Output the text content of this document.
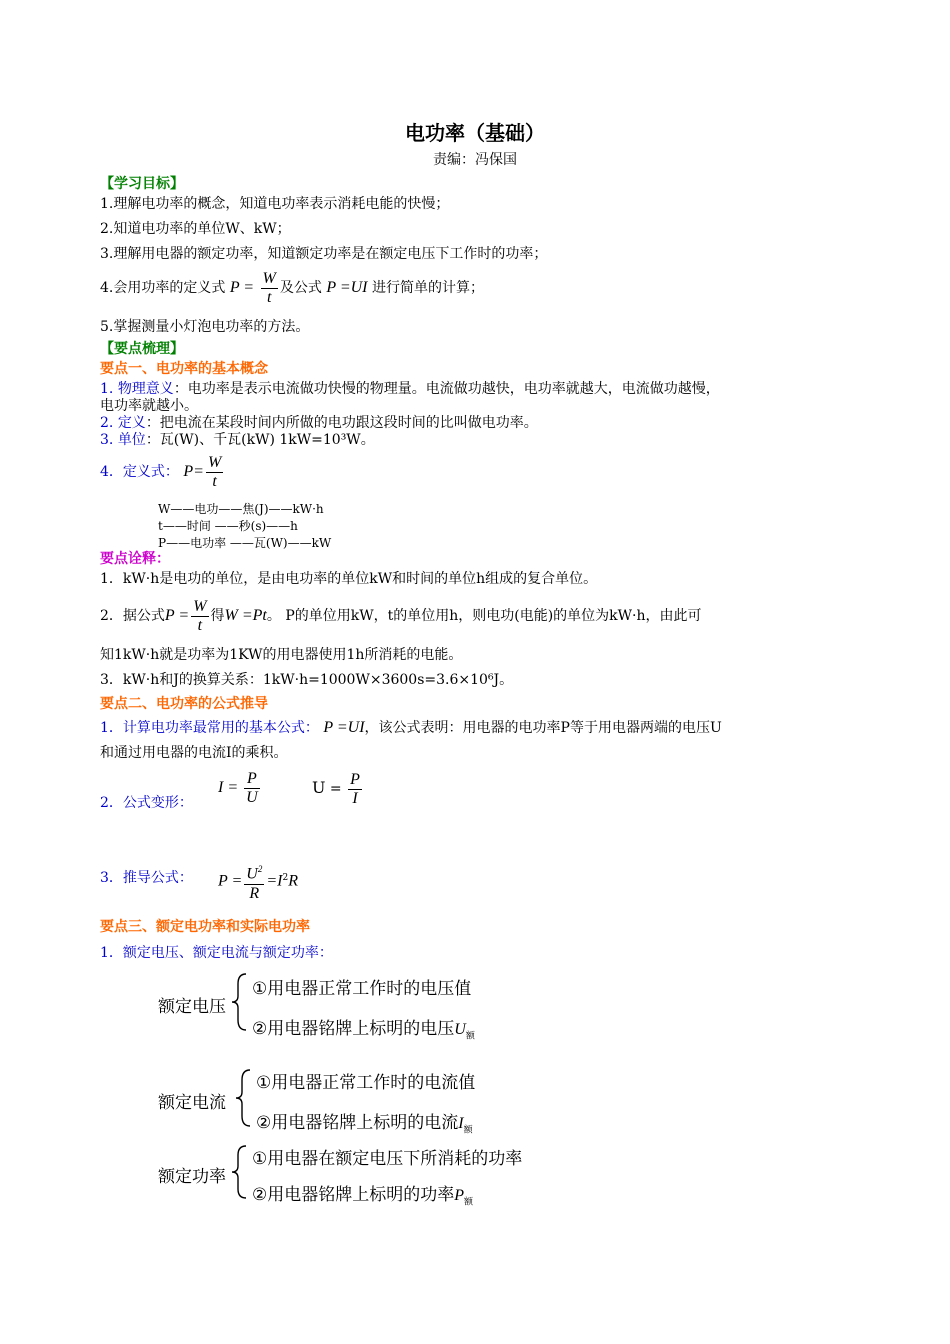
电功率（基础）
责编：冯保国
【学习目标】
1.理解电功率的概念，知道电功率表示消耗电能的快慢；
2.知道电功率的单位W、kW；
3.理解用电器的额定功率，知道额定功率是在额定电压下工作时的功率；
4.会用功率的定义式 $P = \frac{W}{t}$ 及公式 P =UI 进行简单的计算；
5.掌握测量小灯泡电功率的方法。
【要点梳理】
要点一、电功率的基本概念
1. 物理意义：电功率是表示电流做功快慢的物理量。电流做功越快，电功率就越大，电流做功越慢，
电功率就越小。
2. 定义：把电流在某段时间内所做的电功跟这段时间的比叫做电功率。
3. 单位：瓦(W)、千瓦(kW) 1kW=10³W。
4．定义式： $P= \frac{W}{t}$
W——电功——焦(J)——kW·h
t——时间 ——秒(s)——h
P——电功率 ——瓦(W)——kW
要点诠释：
1．kW·h是电功的单位，是由电功率的单位kW和时间的单位h组成的复合单位。
2．据公式$P = \frac{W}{t}$ 得W =Pt。 P的单位用kW，t的单位用h，则电功(电能)的单位为kW·h，由此可
知1kW·h就是功率为1KW的用电器使用1h所消耗的电能。
3．kW·h和J的换算关系：1kW·h=1000W×3600s=3.6×10⁶J。
要点二、电功率的公式推导
1．计算电功率最常用的基本公式： P =UI，该公式表明：用电器的电功率P等于用电器两端的电压U
和通过用电器的电流I的乘积。
2．公式变形：
$I = \frac{P}{U}$	$U = \frac{P}{I}$
3．推导公式： $P = \frac{U^2}{R} =I^2R$
要点三、额定电功率和实际电功率
1．额定电压、额定电流与额定功率：
额定电压
①用电器正常工作时的电压值
②用电器铭牌上标明的电压$U_额$
额定电流
①用电器正常工作时的电流值
②用电器铭牌上标明的电流$I_额$
额定功率
①用电器在额定电压下所消耗的功率
②用电器铭牌上标明的功率$P_额$
